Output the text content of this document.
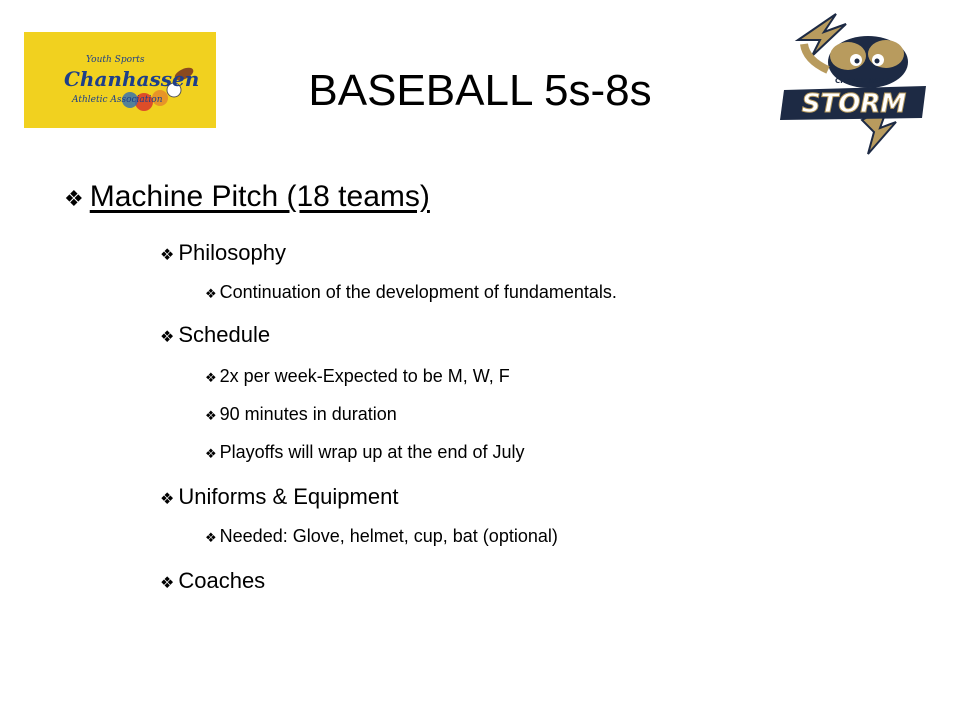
Youth Sports
Chanhassen
Athletic Association	BASEBALL 5s-8s	CHANHASSEN
STORM
❖ Machine Pitch (18 teams)
❖ Philosophy
❖ Continuation of the development of fundamentals.
❖ Schedule
❖ 2x per week-Expected to be M, W, F
❖ 90 minutes in duration
❖ Playoffs will wrap up at the end of July
❖ Uniforms & Equipment
❖ Needed: Glove, helmet, cup, bat (optional)
❖ Coaches
